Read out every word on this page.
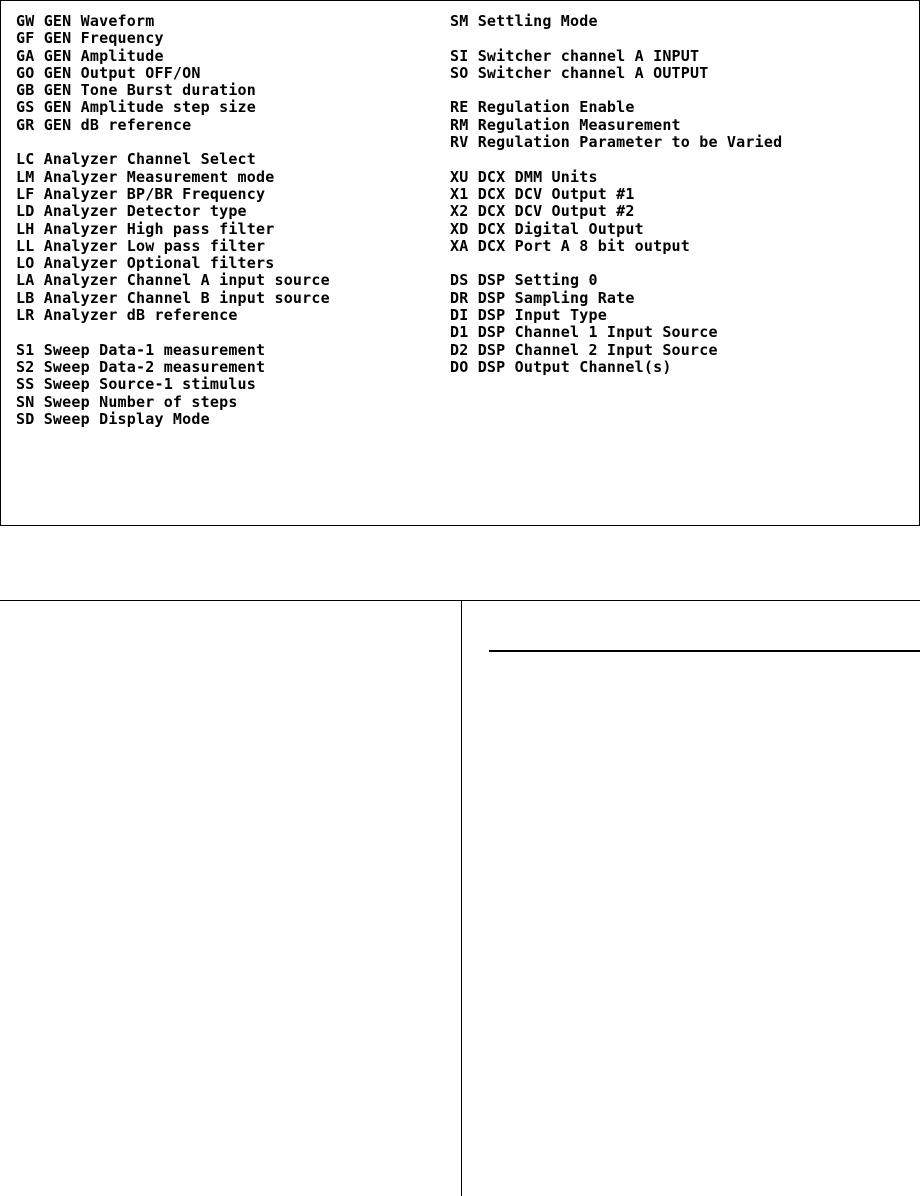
GW GEN Waveform
GF GEN Frequency
GA GEN Amplitude
GO GEN Output OFF/ON
GB GEN Tone Burst duration
GS GEN Amplitude step size
GR GEN dB reference
LC Analyzer Channel Select
LM Analyzer Measurement mode
LF Analyzer BP/BR Frequency
LD Analyzer Detector type
LH Analyzer High pass filter
LL Analyzer Low pass filter
LO Analyzer Optional filters
LA Analyzer Channel A input source
LB Analyzer Channel B input source
LR Analyzer dB reference
S1 Sweep Data-1 measurement
S2 Sweep Data-2 measurement
SS Sweep Source-1 stimulus
SN Sweep Number of steps
SD Sweep Display Mode
SM Settling Mode
SI Switcher channel A INPUT
SO Switcher channel A OUTPUT
RE Regulation Enable
RM Regulation Measurement
RV Regulation Parameter to be Varied
XU DCX DMM Units
X1 DCX DCV Output #1
X2 DCX DCV Output #2
XD DCX Digital Output
XA DCX Port A 8 bit output
DS DSP Setting 0
DR DSP Sampling Rate
DI DSP Input Type
D1 DSP Channel 1 Input Source
D2 DSP Channel 2 Input Source
DO DSP Output Channel(s)
